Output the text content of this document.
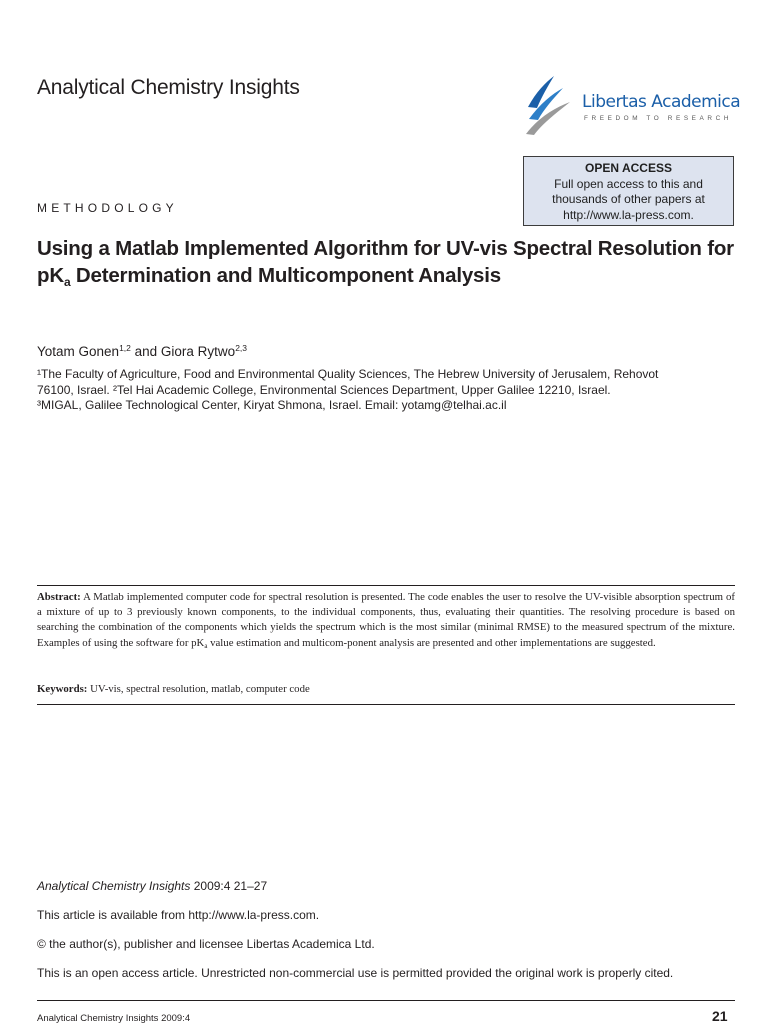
Analytical Chemistry Insights
Libertas Academica
FREEDOM TO RESEARCH
OPEN ACCESS
Full open access to this and
thousands of other papers at
http://www.la-press.com.
METHODOLOGY
Using a Matlab Implemented Algorithm for UV-vis Spectral Resolution for $pK_a$ Determination and Multicomponent Analysis
Yotam Gonen$^{1,2}$ and Giora Rytwo$^{2,3}$
¹The Faculty of Agriculture, Food and Environmental Quality Sciences, The Hebrew University of Jerusalem, Rehovot
76100, Israel. ²Tel Hai Academic College, Environmental Sciences Department, Upper Galilee 12210, Israel.
³MIGAL, Galilee Technological Center, Kiryat Shmona, Israel. Email: yotamg@telhai.ac.il

Abstract: A Matlab implemented computer code for spectral resolution is presented. The code enables the user to resolve the UV-visible absorption spectrum of a mixture of up to 3 previously known components, to the individual components, thus, evaluating their quantities. The resolving procedure is based on searching the combination of the components which yields the spectrum which is the most similar (minimal RMSE) to the measured spectrum of the mixture. Examples of using the software for $pK_a$ value estimation and multicom-ponent analysis are presented and other implementations are suggested.

Keywords: UV-vis, spectral resolution, matlab, computer code
Analytical Chemistry Insights 2009:4 21–27
This article is available from http://www.la-press.com.
© the author(s), publisher and licensee Libertas Academica Ltd.
This is an open access article. Unrestricted non-commercial use is permitted provided the original work is properly cited.
Analytical Chemistry Insights 2009:4	21
